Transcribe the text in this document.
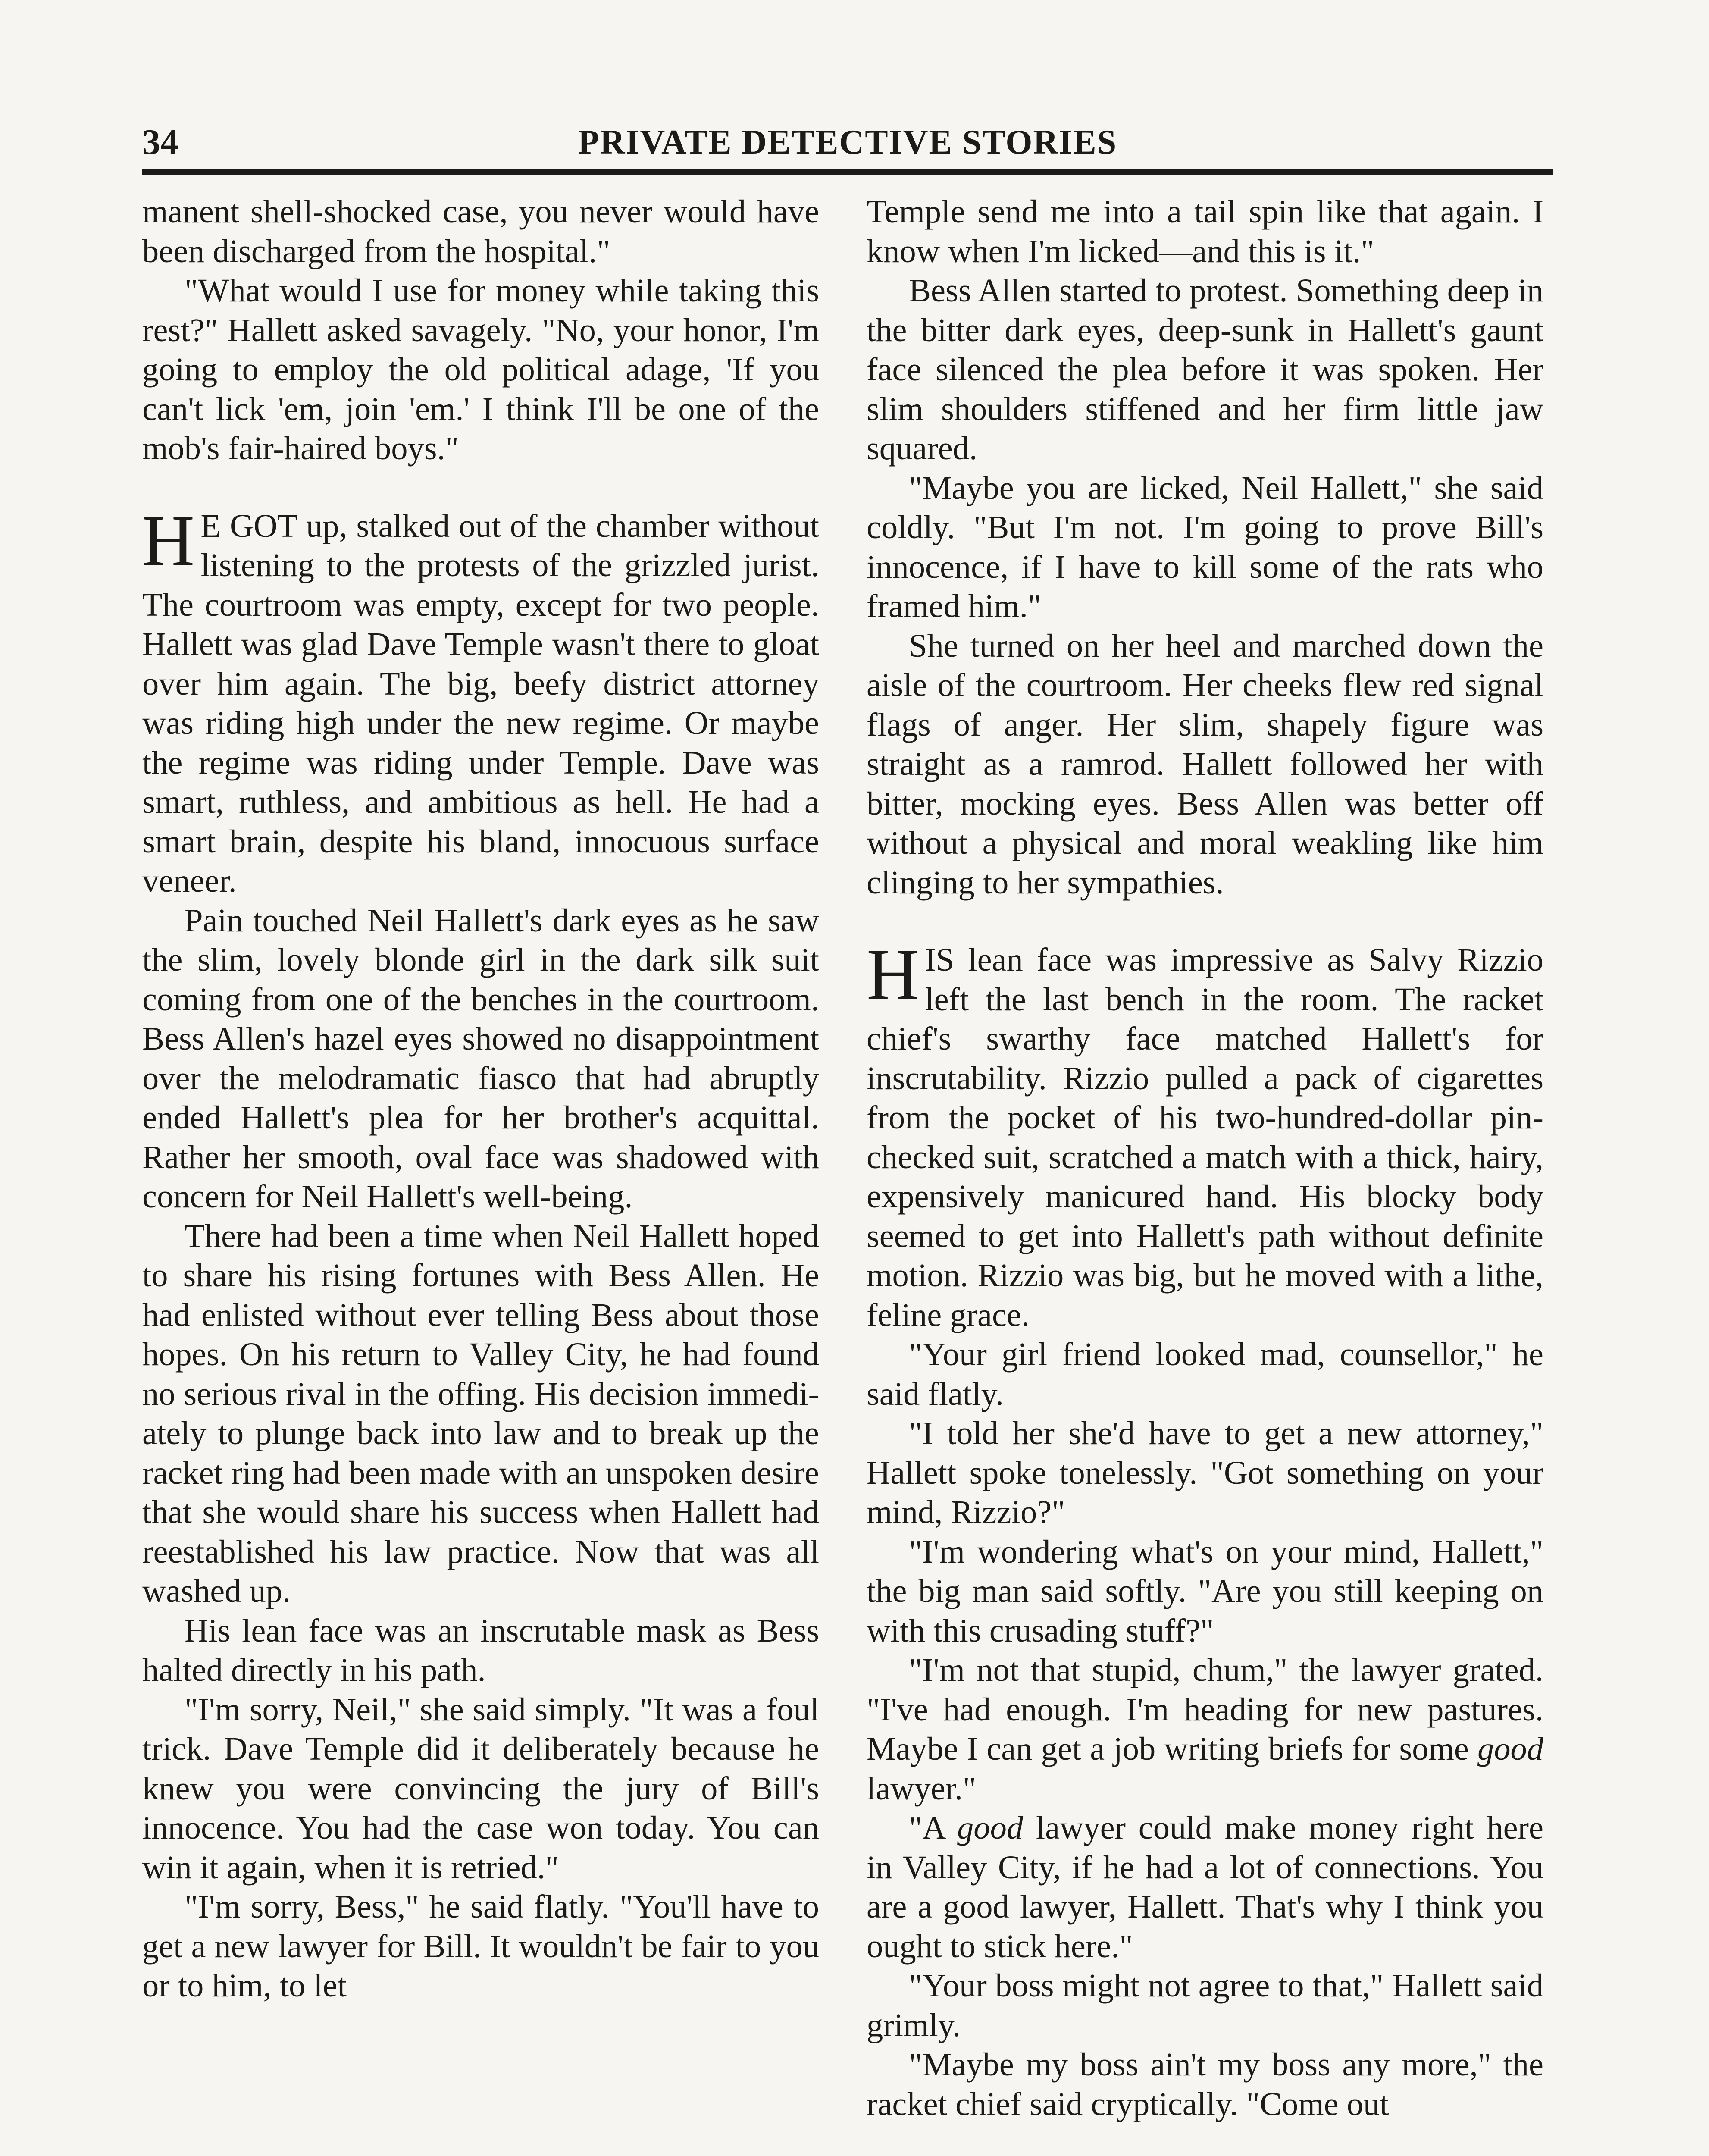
34	PRIVATE DETECTIVE STORIES

manent shell-shocked case, you never would have been discharged from the hospital."

"What would I use for money while taking this rest?" Hallett asked savagely. "No, your honor, I'm going to employ the old political adage, 'If you can't lick 'em, join 'em.' I think I'll be one of the mob's fair-haired boys."

H E GOT up, stalked out of the chamber without listening to the protests of the grizzled jurist. The courtroom was empty, except for two people. Hallett was glad Dave Temple wasn't there to gloat over him again. The big, beefy district attorney was riding high under the new regime. Or maybe the regime was riding under Temple. Dave was smart, ruthless, and ambitious as hell. He had a smart brain, despite his bland, innocuous surface veneer.

Pain touched Neil Hallett's dark eyes as he saw the slim, lovely blonde girl in the dark silk suit coming from one of the benches in the courtroom. Bess Allen's hazel eyes showed no disappointment over the melodramatic fiasco that had abruptly ended Hallett's plea for her brother's acquittal. Rather her smooth, oval face was shadowed with concern for Neil Hallett's well-being.

There had been a time when Neil Hallett hoped to share his rising fortunes with Bess Allen. He had enlisted without ever telling Bess about those hopes. On his return to Valley City, he had found no serious rival in the offing. His decision immediately to plunge back into law and to break up the racket ring had been made with an unspoken desire that she would share his success when Hallett had reestablished his law practice. Now that was all washed up.

His lean face was an inscrutable mask as Bess halted directly in his path.

"I'm sorry, Neil," she said simply. "It was a foul trick. Dave Temple did it deliberately because he knew you were convincing the jury of Bill's innocence. You had the case won today. You can win it again, when it is retried."

"I'm sorry, Bess," he said flatly. "You'll have to get a new lawyer for Bill. It wouldn't be fair to you or to him, to let

Temple send me into a tail spin like that again. I know when I'm licked—and this is it."

Bess Allen started to protest. Something deep in the bitter dark eyes, deep-sunk in Hallett's gaunt face silenced the plea before it was spoken. Her slim shoulders stiffened and her firm little jaw squared.

"Maybe you are licked, Neil Hallett," she said coldly. "But I'm not. I'm going to prove Bill's innocence, if I have to kill some of the rats who framed him."

She turned on her heel and marched down the aisle of the courtroom. Her cheeks flew red signal flags of anger. Her slim, shapely figure was straight as a ramrod. Hallett followed her with bitter, mocking eyes. Bess Allen was better off without a physical and moral weakling like him clinging to her sympathies.

HIS lean face was impressive as Salvy Rizzio left the last bench in the room. The racket chief's swarthy face matched Hallett's for inscrutability. Rizzio pulled a pack of cigarettes from the pocket of his two-hundred-dollar pin-checked suit, scratched a match with a thick, hairy, expensively manicured hand. His blocky body seemed to get into Hallett's path without definite motion. Rizzio was big, but he moved with a lithe, feline grace.

"Your girl friend looked mad, counsellor," he said flatly.

"I told her she'd have to get a new attorney," Hallett spoke tonelessly. "Got something on your mind, Rizzio?"

"I'm wondering what's on your mind, Hallett," the big man said softly. "Are you still keeping on with this crusading stuff?"

"I'm not that stupid, chum," the lawyer grated. "I've had enough. I'm heading for new pastures. Maybe I can get a job writing briefs for some good lawyer."

"A good lawyer could make money right here in Valley City, if he had a lot of connections. You are a good lawyer, Hallett. That's why I think you ought to stick here."

"Your boss might not agree to that," Hallett said grimly.

"Maybe my boss ain't my boss any more," the racket chief said cryptically. "Come out
